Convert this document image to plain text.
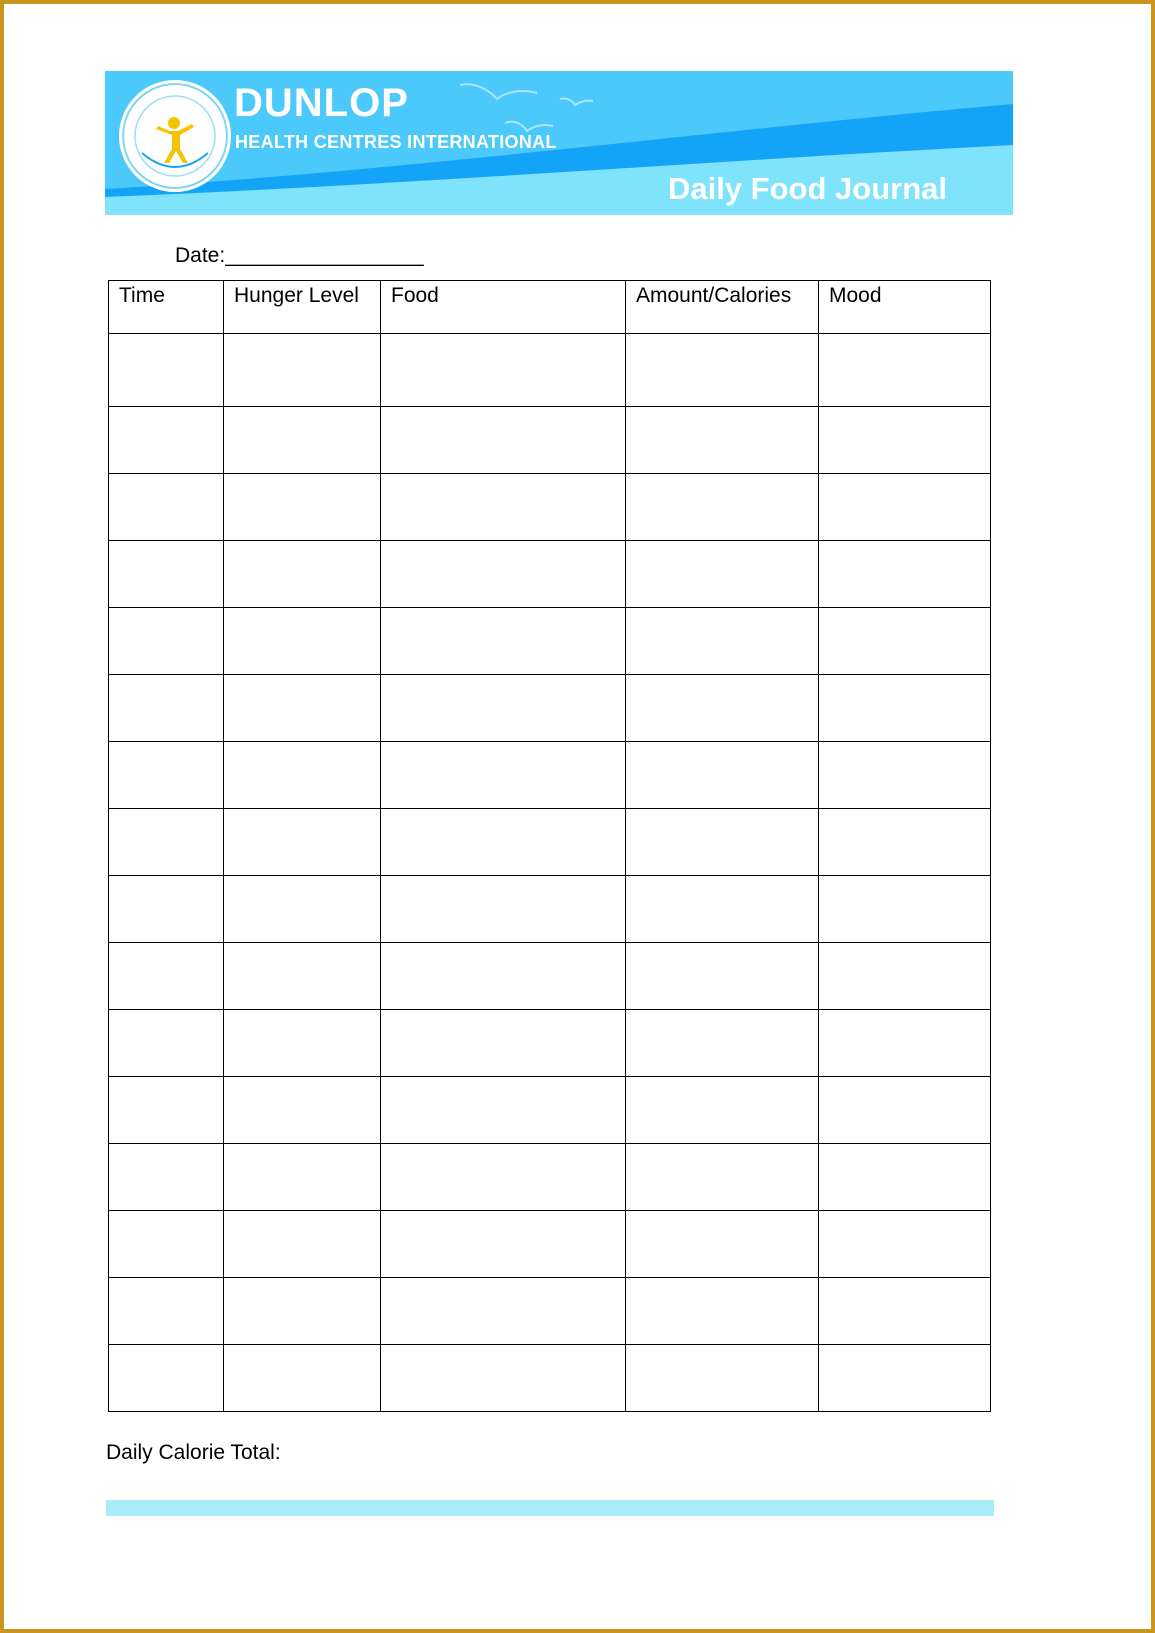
DUNLOP
HEALTH CENTRES INTERNATIONAL
Daily Food Journal
Date:_________________
Time	Hunger Level	Food	Amount/Calories	Mood

Daily Calorie Total:
